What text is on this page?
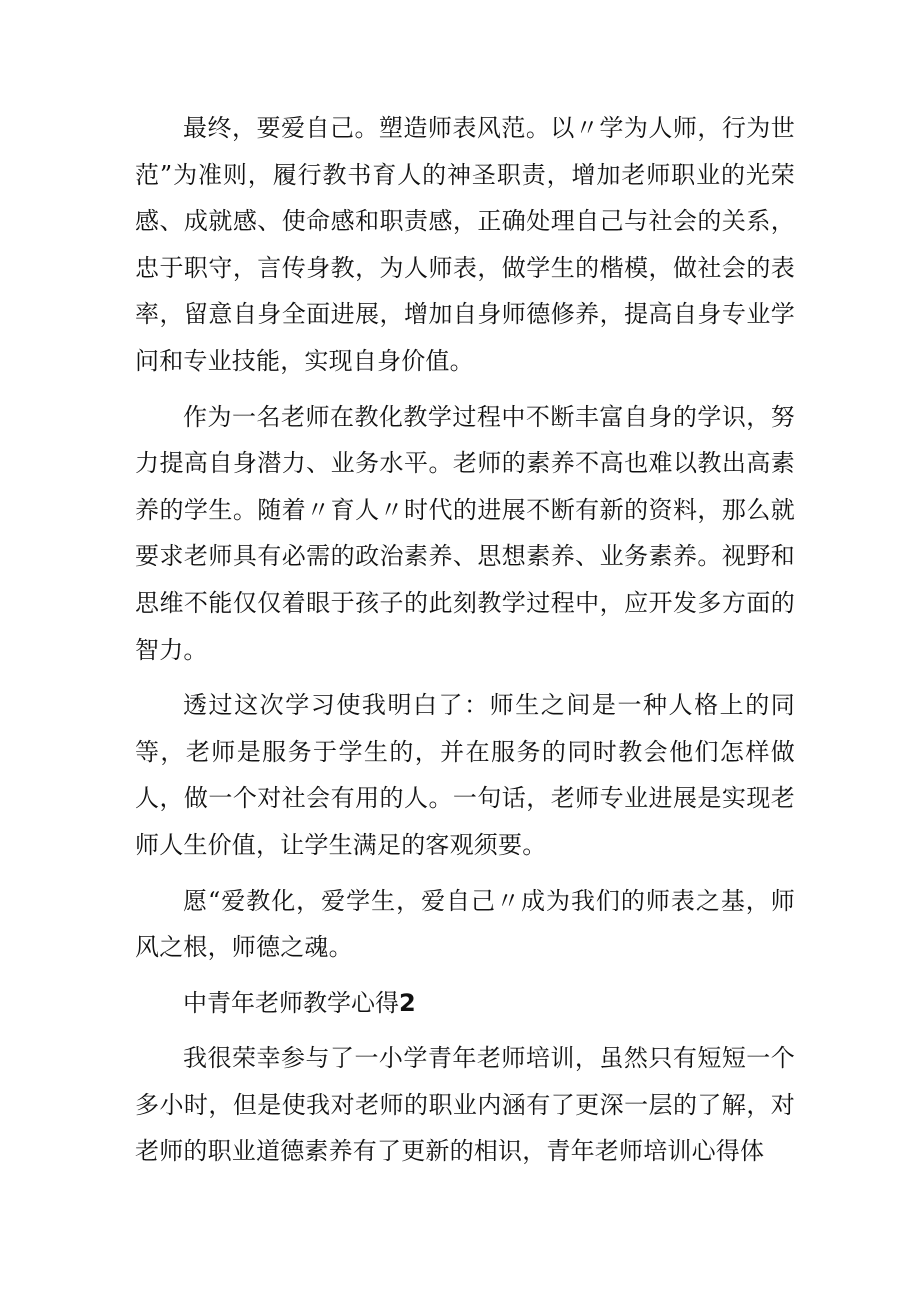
最终，要爱自己。塑造师表风范。以〃学为人师，行为世范”为准则，履行教书育人的神圣职责，增加老师职业的光荣感、成就感、使命感和职责感，正确处理自己与社会的关系，忠于职守，言传身教，为人师表，做学生的楷模，做社会的表率，留意自身全面进展，增加自身师德修养，提高自身专业学问和专业技能，实现自身价值。

作为一名老师在教化教学过程中不断丰富自身的学识，努力提高自身潜力、业务水平。老师的素养不高也难以教出高素养的学生。随着〃育人〃时代的进展不断有新的资料，那么就要求老师具有必需的政治素养、思想素养、业务素养。视野和思维不能仅仅着眼于孩子的此刻教学过程中，应开发多方面的智力。

透过这次学习使我明白了：师生之间是一种人格上的同等，老师是服务于学生的，并在服务的同时教会他们怎样做人，做一个对社会有用的人。一句话，老师专业进展是实现老师人生价值，让学生满足的客观须要。

愿“爱教化，爱学生，爱自己〃成为我们的师表之基，师风之根，师德之魂。

中青年老师教学心得2

我很荣幸参与了一小学青年老师培训，虽然只有短短一个多小时，但是使我对老师的职业内涵有了更深一层的了解，对老师的职业道德素养有了更新的相识，青年老师培训心得体
